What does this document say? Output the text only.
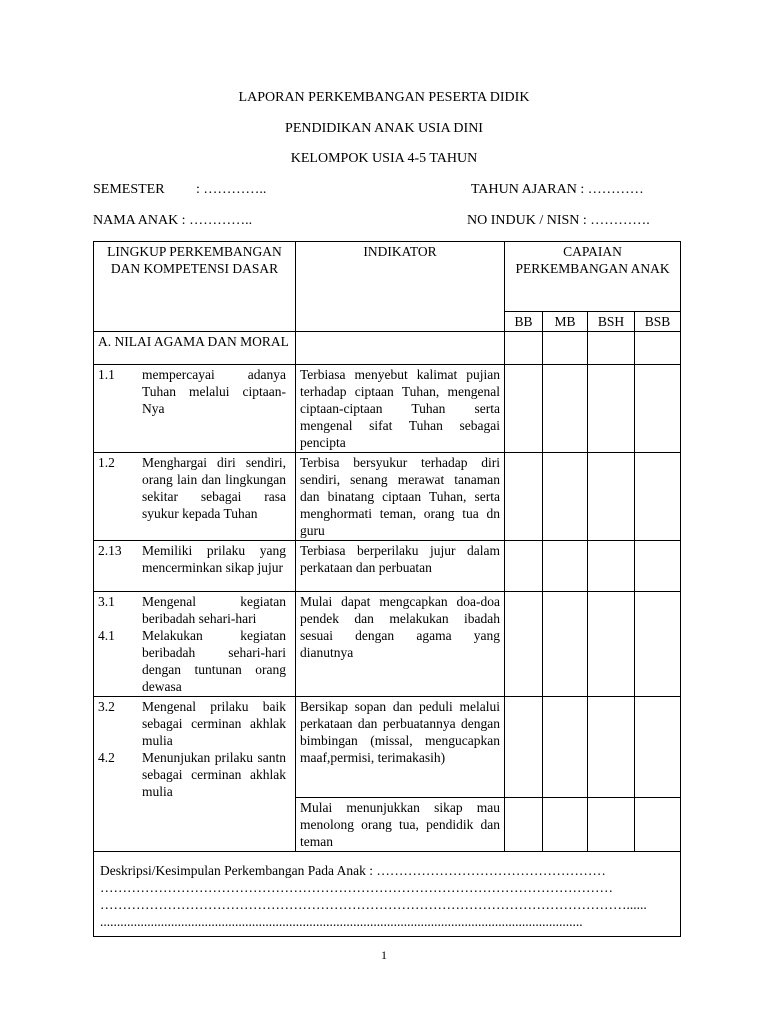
LAPORAN PERKEMBANGAN PESERTA DIDIK
PENDIDIKAN ANAK USIA DINI
KELOMPOK USIA 4-5 TAHUN
SEMESTER : …………..	TAHUN AJARAN : …………
NAMA ANAK : …………..	NO INDUK / NISN : ………….
LINGKUP PERKEMBANGAN DAN KOMPETENSI DASAR	INDIKATOR	CAPAIAN PERKEMBANGAN ANAK			
		BB	MB	BSH	BSB
A. NILAI AGAMA DAN MORAL					
1.1 mempercayai adanya Tuhan melalui ciptaan-Nya	Terbiasa menyebut kalimat pujian terhadap ciptaan Tuhan, mengenal ciptaan-ciptaan Tuhan serta mengenal sifat Tuhan sebagai pencipta				
1.2 Menghargai diri sendiri, orang lain dan lingkungan sekitar sebagai rasa syukur kepada Tuhan	Terbisa bersyukur terhadap diri sendiri, senang merawat tanaman dan binatang ciptaan Tuhan, serta menghormati teman, orang tua dn guru				
2.13 Memiliki prilaku yang mencerminkan sikap jujur	Terbiasa berperilaku jujur dalam perkataan dan perbuatan				

3.1 Mengenal kegiatan beribadah sehari-hari
4.1 Melakukan kegiatan beribadah sehari-hari dengan tuntunan orang dewasa	Mulai dapat mengcapkan doa-doa pendek dan melakukan ibadah sesuai dengan agama yang dianutnya				

3.2 Mengenal prilaku baik sebagai cerminan akhlak mulia
4.2 Menunjukan prilaku santn sebagai cerminan akhlak mulia	Bersikap sopan dan peduli melalui perkataan dan perbuatannya dengan bimbingan (missal, mengucapkan maaf,permisi, terimakasih)				
	Mulai menunjukkan sikap mau menolong orang tua, pendidik dan teman				

Deskripsi/Kesimpulan Perkembangan Pada Anak : ……………………………………………
……………………………………………………………………………………………………
………………………………………………………………………………………………………......
...............................................................................................................................................					
1
